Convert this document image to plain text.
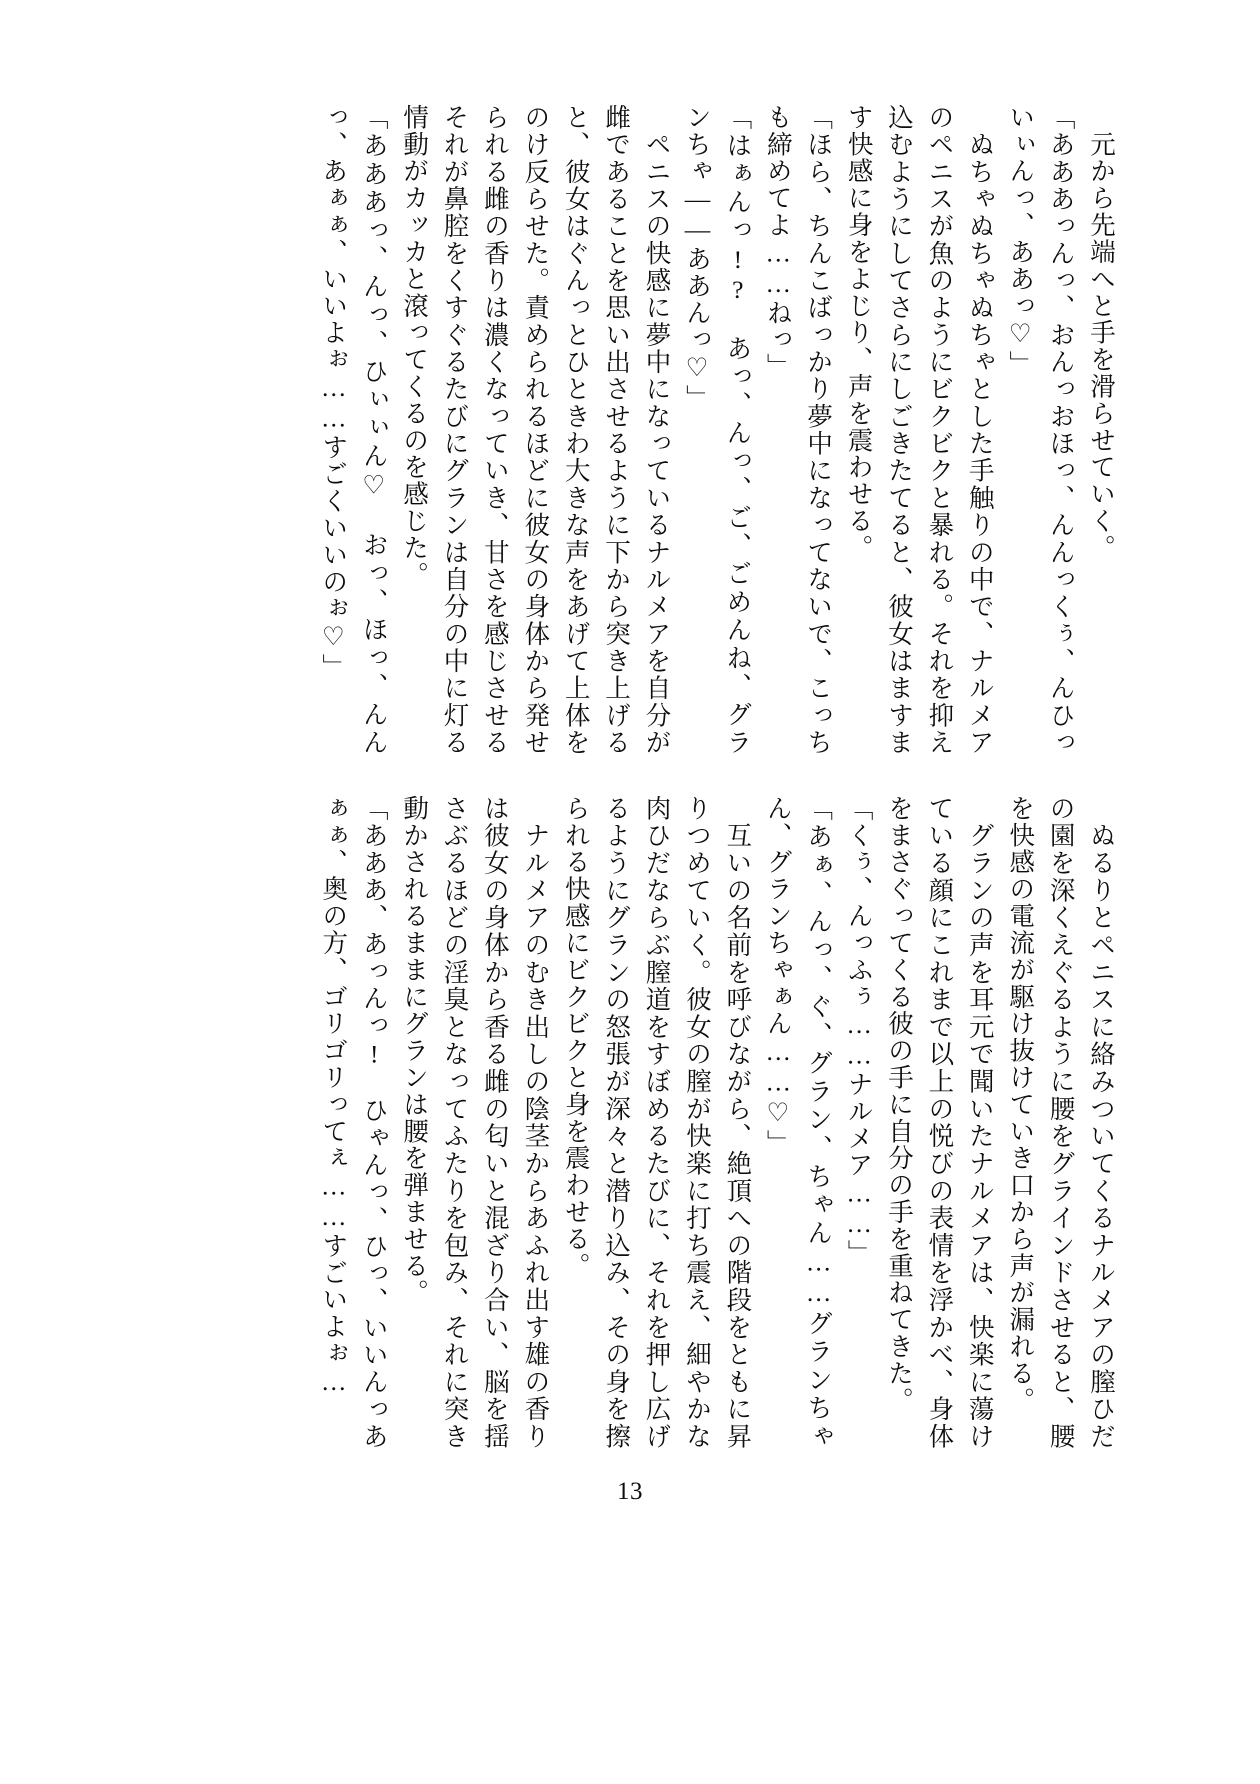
　元から先端へと手を滑らせていく。
「あああっんっ、おんっおほっ、んんっくぅ、んひっいぃんっ、ああっ♡」
　ぬちゃぬちゃぬちゃとした手触りの中で、ナルメアのペニスが魚のようにビクビクと暴れる。それを抑え込むようにしてさらにしごきたてると、彼女はますます快感に身をよじり、声を震わせる。
「ほら、ちんこばっかり夢中になってないで、こっちも締めてよ……ねっ」
「はぁんっ!?　あっ、んっ、ご、ごめんね、グランちゃ――ああんっ♡」
　ペニスの快感に夢中になっているナルメアを自分が雌であることを思い出させるように下から突き上げると、彼女はぐんっとひときわ大きな声をあげて上体をのけ反らせた。責められるほどに彼女の身体から発せられる雌の香りは濃くなっていき、甘さを感じさせるそれが鼻腔をくすぐるたびにグランは自分の中に灯る情動がカッカと滾ってくるのを感じた。
「あああっ、んっ、ひぃぃん♡　おっ、ほっ、んんっ、あぁぁ、いいよぉ……すごくいいのぉ♡」
　ぬるりとペニスに絡みついてくるナルメアの膣ひだの園を深くえぐるように腰をグラインドさせると、腰を快感の電流が駆け抜けていき口から声が漏れる。
　グランの声を耳元で聞いたナルメアは、快楽に蕩けている顔にこれまで以上の悦びの表情を浮かべ、身体をまさぐってくる彼の手に自分の手を重ねてきた。
「くぅ、んっふぅ……ナルメア……」
「あぁ、んっ、ぐ、グラン、ちゃん……グランちゃん、グランちゃぁん……♡」
　互いの名前を呼びながら、絶頂への階段をともに昇りつめていく。彼女の膣が快楽に打ち震え、細やかな肉ひだならぶ膣道をすぼめるたびに、それを押し広げるようにグランの怒張が深々と潜り込み、その身を擦られる快感にビクビクと身を震わせる。
　ナルメアのむき出しの陰茎からあふれ出す雄の香りは彼女の身体から香る雌の匂いと混ざり合い、脳を揺さぶるほどの淫臭となってふたりを包み、それに突き動かされるままにグランは腰を弾ませる。
「あああ、あっんっ!　ひゃんっ、ひっ、いいんっあぁぁ、奥の方、ゴリゴリってぇ……すごいよぉ…
13
